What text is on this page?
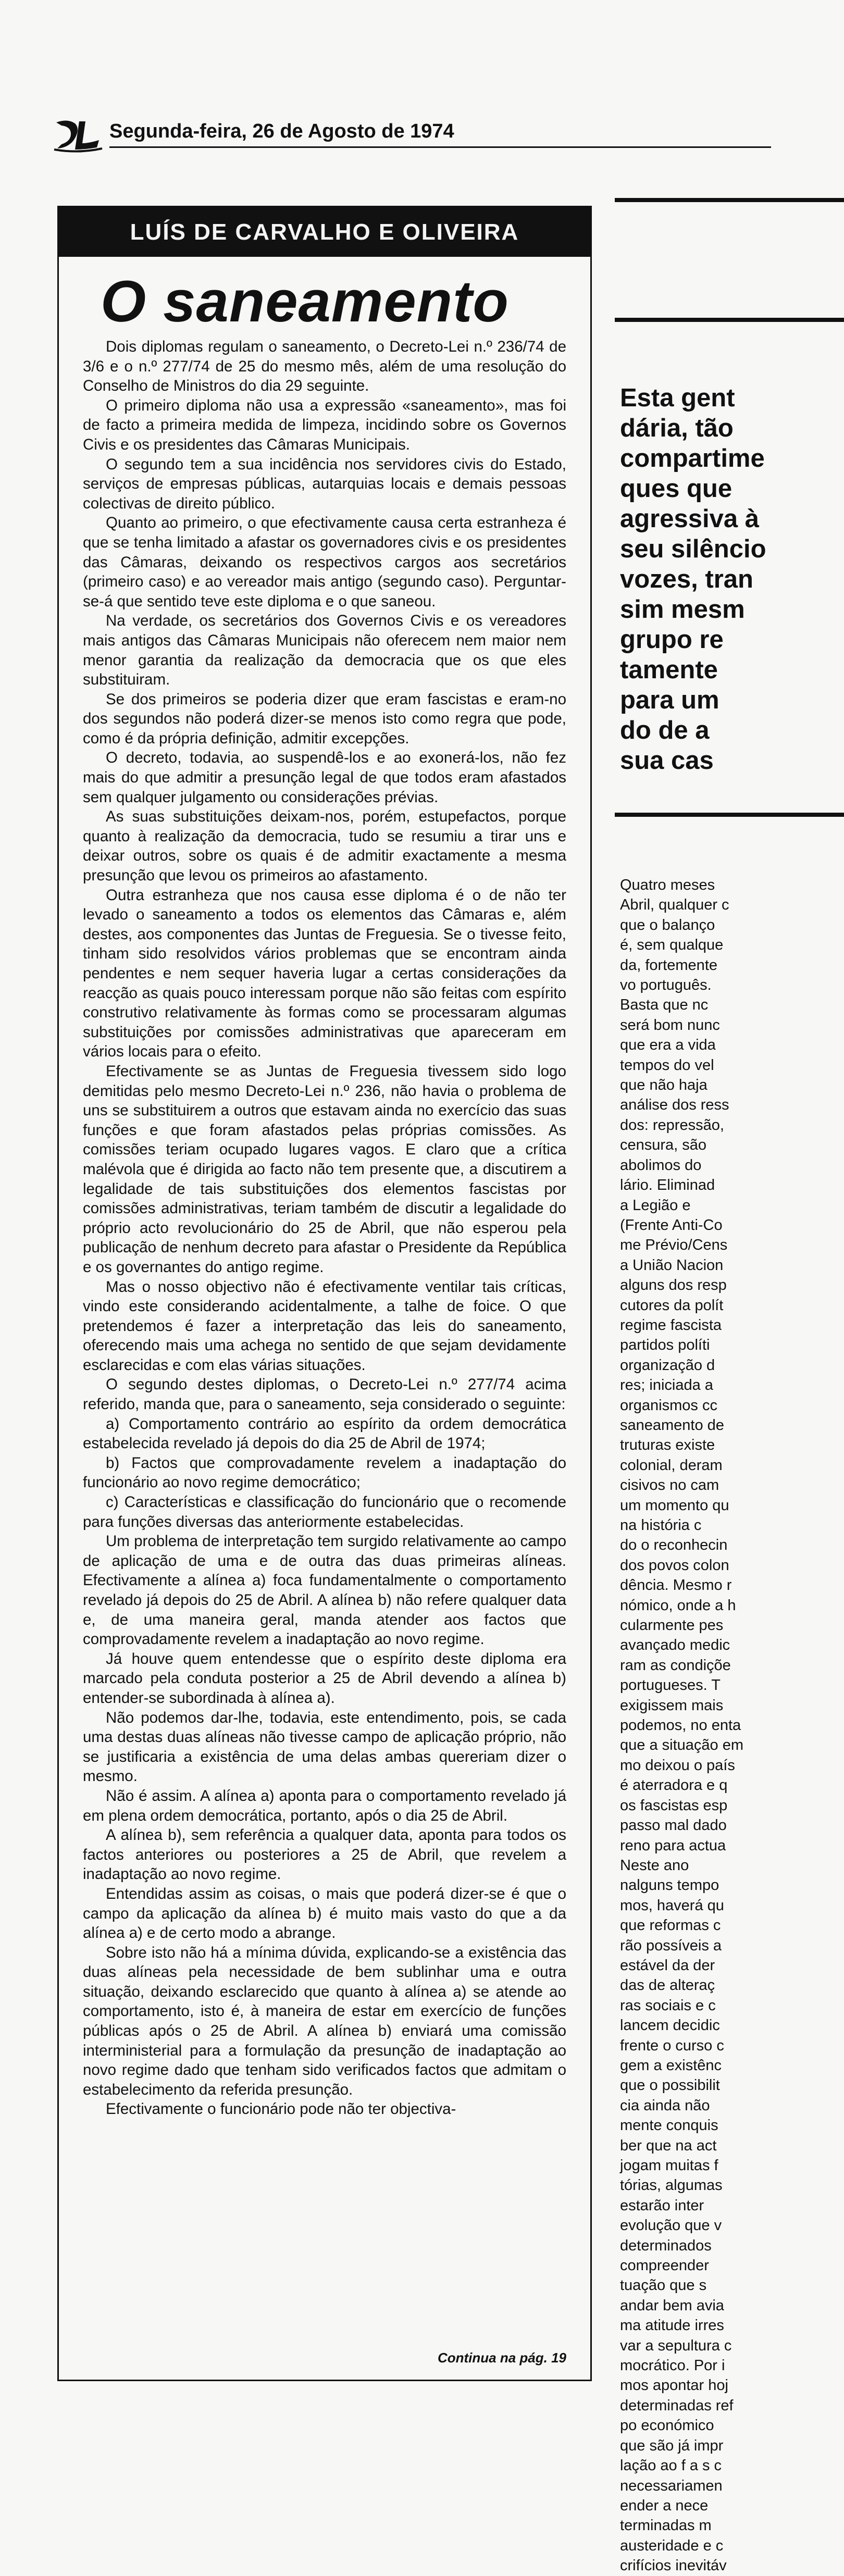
Segunda-feira, 26 de Agosto de 1974
LUÍS DE CARVALHO E OLIVEIRA
O saneamento

Dois diplomas regulam o saneamento, o Decreto-Lei n.º 236/74 de 3/6 e o n.º 277/74 de 25 do mesmo mês, além de uma resolução do Conselho de Ministros do dia 29 seguinte.

O primeiro diploma não usa a expressão «saneamento», mas foi de facto a primeira medida de limpeza, incidindo sobre os Governos Civis e os presidentes das Câmaras Municipais.

O segundo tem a sua incidência nos servidores civis do Estado, serviços de empresas públicas, autarquias locais e demais pessoas colectivas de direito público.

Quanto ao primeiro, o que efectivamente causa certa estranheza é que se tenha limitado a afastar os governadores civis e os presidentes das Câmaras, deixando os respectivos cargos aos secretários (primeiro caso) e ao vereador mais antigo (segundo caso). Perguntar-se-á que sentido teve este diploma e o que saneou.

Na verdade, os secretários dos Governos Civis e os vereadores mais antigos das Câmaras Municipais não oferecem nem maior nem menor garantia da realização da democracia que os que eles substituiram.

Se dos primeiros se poderia dizer que eram fascistas e eram-no dos segundos não poderá dizer-se menos isto como regra que pode, como é da própria definição, admitir excepções.

O decreto, todavia, ao suspendê-los e ao exonerá-los, não fez mais do que admitir a presunção legal de que todos eram afastados sem qualquer julgamento ou considerações prévias.

As suas substituições deixam-nos, porém, estupefactos, porque quanto à realização da democracia, tudo se resumiu a tirar uns e deixar outros, sobre os quais é de admitir exactamente a mesma presunção que levou os primeiros ao afastamento.

Outra estranheza que nos causa esse diploma é o de não ter levado o saneamento a todos os elementos das Câmaras e, além destes, aos componentes das Juntas de Freguesia. Se o tivesse feito, tinham sido resolvidos vários problemas que se encontram ainda pendentes e nem sequer haveria lugar a certas considerações da reacção as quais pouco interessam porque não são feitas com espírito construtivo relativamente às formas como se processaram algumas substituições por comissões administrativas que apareceram em vários locais para o efeito.

Efectivamente se as Juntas de Freguesia tivessem sido logo demitidas pelo mesmo Decreto-Lei n.º 236, não havia o problema de uns se substituirem a outros que estavam ainda no exercício das suas funções e que foram afastados pelas próprias comissões. As comissões teriam ocupado lugares vagos. E claro que a crítica malévola que é dirigida ao facto não tem presente que, a discutirem a legalidade de tais substituições dos elementos fascistas por comissões administrativas, teriam também de discutir a legalidade do próprio acto revolucionário do 25 de Abril, que não esperou pela publicação de nenhum decreto para afastar o Presidente da República e os governantes do antigo regime.

Mas o nosso objectivo não é efectivamente ventilar tais críticas, vindo este considerando acidentalmente, a talhe de foice. O que pretendemos é fazer a interpretação das leis do saneamento, oferecendo mais uma achega no sentido de que sejam devidamente esclarecidas e com elas várias situações.

O segundo destes diplomas, o Decreto-Lei n.º 277/74 acima referido, manda que, para o saneamento, seja considerado o seguinte:

a) Comportamento contrário ao espírito da ordem democrática estabelecida revelado já depois do dia 25 de Abril de 1974;

b) Factos que comprovadamente revelem a inadaptação do funcionário ao novo regime democrático;

c) Características e classificação do funcionário que o recomende para funções diversas das anteriormente estabelecidas.

Um problema de interpretação tem surgido relativamente ao campo de aplicação de uma e de outra das duas primeiras alíneas. Efectivamente a alínea a) foca fundamentalmente o comportamento revelado já depois do 25 de Abril. A alínea b) não refere qualquer data e, de uma maneira geral, manda atender aos factos que comprovadamente revelem a inadaptação ao novo regime.

Já houve quem entendesse que o espírito deste diploma era marcado pela conduta posterior a 25 de Abril devendo a alínea b) entender-se subordinada à alínea a).

Não podemos dar-lhe, todavia, este entendimento, pois, se cada uma destas duas alíneas não tivesse campo de aplicação próprio, não se justificaria a existência de uma delas ambas quereriam dizer o mesmo.

Não é assim. A alínea a) aponta para o comportamento revelado já em plena ordem democrática, portanto, após o dia 25 de Abril.

A alínea b), sem referência a qualquer data, aponta para todos os factos anteriores ou posteriores a 25 de Abril, que revelem a inadaptação ao novo regime.

Entendidas assim as coisas, o mais que poderá dizer-se é que o campo da aplicação da alínea b) é muito mais vasto do que a da alínea a) e de certo modo a abrange.

Sobre isto não há a mínima dúvida, explicando-se a existência das duas alíneas pela necessidade de bem sublinhar uma e outra situação, deixando esclarecido que quanto à alínea a) se atende ao comportamento, isto é, à maneira de estar em exercício de funções públicas após o 25 de Abril. A alínea b) enviará uma comissão interministerial para a formulação da presunção de inadaptação ao novo regime dado que tenham sido verificados factos que admitam o estabelecimento da referida presunção.

Efectivamente o funcionário pode não ter objectiva-

Continua na pág. 19
Esta gent
dária, tão
compartime
ques que
agressiva à
seu silêncio
vozes, tran
sim mesm
grupo re
tamente
para um
do de a
sua cas
Quatro meses
Abril, qualquer c
que o balanço
é, sem qualque
da, fortemente
vo português.
Basta que nc
será bom nunc
que era a vida
tempos do vel
que não haja
análise dos ress
dos: repressão,
censura, são
abolimos do
lário. Eliminad
a Legião e
(Frente Anti-Co
me Prévio/Cens
a União Nacion
alguns dos resp
cutores da polít
regime fascista
partidos políti
organização d
res; iniciada a
organismos cc
saneamento de
truturas existe
colonial, deram
cisivos no cam
um momento qu
na história c
do o reconhecin
dos povos colon
dência. Mesmo r
nómico, onde a h
cularmente pes
avançado medic
ram as condiçõe
portugueses. T
exigissem mais
podemos, no enta
que a situação em
mo deixou o país
é aterradora e q
os fascistas esp
passo mal dado
reno para actua
Neste ano
nalguns tempo
mos, haverá qu
que reformas c
rão possíveis a
estável da der
das de alteraç
ras sociais e c
lancem decidic
frente o curso c
gem a existênc
que o possibilit
cia ainda não
mente conquis
ber que na act
jogam muitas f
tórias, algumas
estarão inter
evolução que v
determinados
compreender
tuação que s
andar bem avia
ma atitude irres
var a sepultura c
mocrático. Por i
mos apontar hoj
determinadas ref
po económico
que são já impr
lação ao f a s c
necessariamen
ender a nece
terminadas m
austeridade e c
crifícios inevitáv
